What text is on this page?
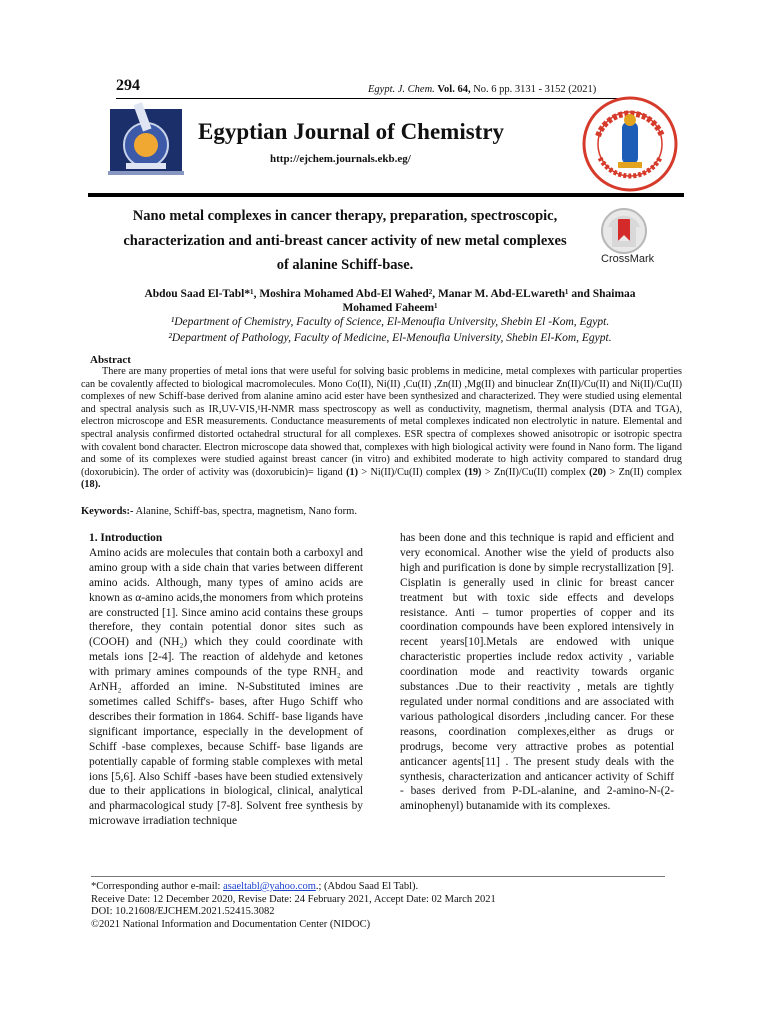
294	Egypt. J. Chem. Vol. 64, No. 6 pp. 3131 - 3152 (2021)
Egyptian Journal of Chemistry
http://ejchem.journals.ekb.eg/
Nano metal complexes in cancer therapy, preparation, spectroscopic,
characterization and anti-breast cancer activity of new metal complexes
of alanine Schiff-base.	CrossMark
Abdou Saad El-Tabl*¹, Moshira Mohamed Abd-El Wahed², Manar M. Abd-ELwareth¹ and Shaimaa
Mohamed Faheem¹
¹Department of Chemistry, Faculty of Science, El-Menoufia University, Shebin El -Kom, Egypt.
²Department of Pathology, Faculty of Medicine, El-Menoufia University, Shebin El-Kom, Egypt.
Abstract

There are many properties of metal ions that were useful for solving basic problems in medicine, metal complexes with particular properties can be covalently affected to biological macromolecules. Mono Co(II), Ni(II) ,Cu(II) ,Zn(II) ,Mg(II) and binuclear Zn(II)/Cu(II) and Ni(II)/Cu(II) complexes of new Schiff-base derived from alanine amino acid ester have been synthesized and characterized. They were studied using elemental and spectral analysis such as IR,UV-VIS,¹H-NMR mass spectroscopy as well as conductivity, magnetism, thermal analysis (DTA and TGA), electron microscope and ESR measurements. Conductance measurements of metal complexes indicated non electrolytic in nature. Elemental and spectral analysis confirmed distorted octahedral structural for all complexes. ESR spectra of complexes showed anisotropic or isotropic spectra with covalent bond character. Electron microscope data showed that, complexes with high biological activity were found in Nano form. The ligand and some of its complexes were studied against breast cancer (in vitro) and exhibited moderate to high activity compared to standard drug (doxorubicin). The order of activity was (doxorubicin)= ligand (1) > Ni(II)/Cu(II) complex (19) > Zn(II)/Cu(II) complex (20) > Zn(II) complex (18).

Keywords:- Alanine, Schiff-bas, spectra, magnetism, Nano form.
1. Introduction

Amino acids are molecules that contain both a carboxyl and amino group with a side chain that varies between different amino acids. Although, many types of amino acids are known as α-amino acids,the monomers from which proteins are constructed [1]. Since amino acid contains these groups therefore, they contain potential donor sites such as (COOH) and (NH₂) which they could coordinate with metals ions [2-4]. The reaction of aldehyde and ketones with primary amines compounds of the type RNH₂ and ArNH₂ afforded an imine. N-Substituted imines are sometimes called Schiff's- bases, after Hugo Schiff who describes their formation in 1864. Schiff- base ligands have significant importance, especially in the development of Schiff -base complexes, because Schiff- base ligands are potentially capable of forming stable complexes with metal ions [5,6]. Also Schiff -bases have been studied extensively due to their applications in biological, clinical, analytical and pharmacological study [7-8]. Solvent free synthesis by microwave irradiation technique

has been done and this technique is rapid and efficient and very economical. Another wise the yield of products also high and purification is done by simple recrystallization [9]. Cisplatin is generally used in clinic for breast cancer treatment but with toxic side effects and develops resistance. Anti – tumor properties of copper and its coordination compounds have been explored intensively in recent years[10].Metals are endowed with unique characteristic properties include redox activity , variable coordination mode and reactivity towards organic substances .Due to their reactivity , metals are tightly regulated under normal conditions and are associated with various pathological disorders ,including cancer. For these reasons, coordination complexes,either as drugs or prodrugs, become very attractive probes as potential anticancer agents[11] . The present study deals with the synthesis, characterization and anticancer activity of Schiff - bases derived from P-DL-alanine, and 2-amino-N-(2-aminophenyl) butanamide with its complexes.

*Corresponding author e-mail: asaeltabl@yahoo.com.; (Abdou Saad El Tabl).
Receive Date: 12 December 2020, Revise Date: 24 February 2021, Accept Date: 02 March 2021
DOI: 10.21608/EJCHEM.2021.52415.3082
©2021 National Information and Documentation Center (NIDOC)
